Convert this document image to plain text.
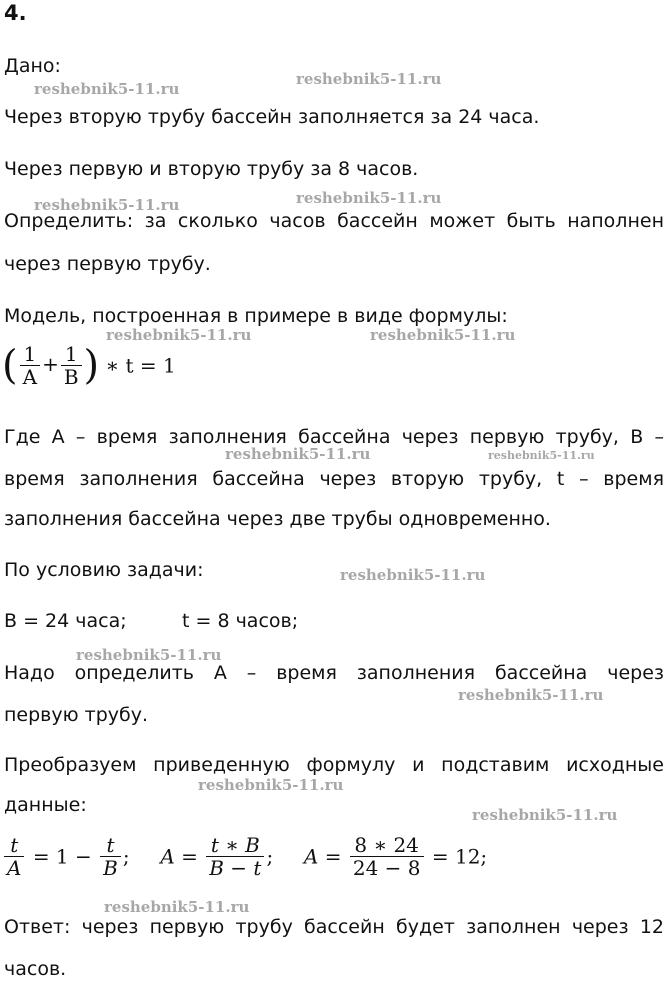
4.
Дано:
Через вторую трубу бассейн заполняется за 24 часа.
Через первую и вторую трубу за 8 часов.
Определить: за сколько часов бассейн может быть наполнен
через первую трубу.
Модель, построенная в примере в виде формулы:
( $\frac{1}{A} + \frac{1}{B}$ ) ∗ t = 1
Где A – время заполнения бассейна через первую трубу, B –
время заполнения бассейна через вторую трубу, t – время
заполнения бассейна через две трубы одновременно.
По условию задачи:
B = 24 часа;	t = 8 часов;
Надо определить A – время заполнения бассейна через
первую трубу.
Преобразуем приведенную формулу и подставим исходные
данные:
$\frac{t}{A} = 1 - \frac{t}{B}$ ; $A = \frac{t ∗ B}{B - t}$ ; $A = \frac{8 ∗ 24}{24 - 8} = 12$;
Ответ: через первую трубу бассейн будет заполнен через 12
часов.
reshebnik5-11.ru
reshebnik5-11.ru
reshebnik5-11.ru	reshebnik5-11.ru
reshebnik5-11.ru	reshebnik5-11.ru
reshebnik5-11.ru	reshebnik5-11.ru
reshebnik5-11.ru
reshebnik5-11.ru
reshebnik5-11.ru
reshebnik5-11.ru
reshebnik5-11.ru
reshebnik5-11.ru
